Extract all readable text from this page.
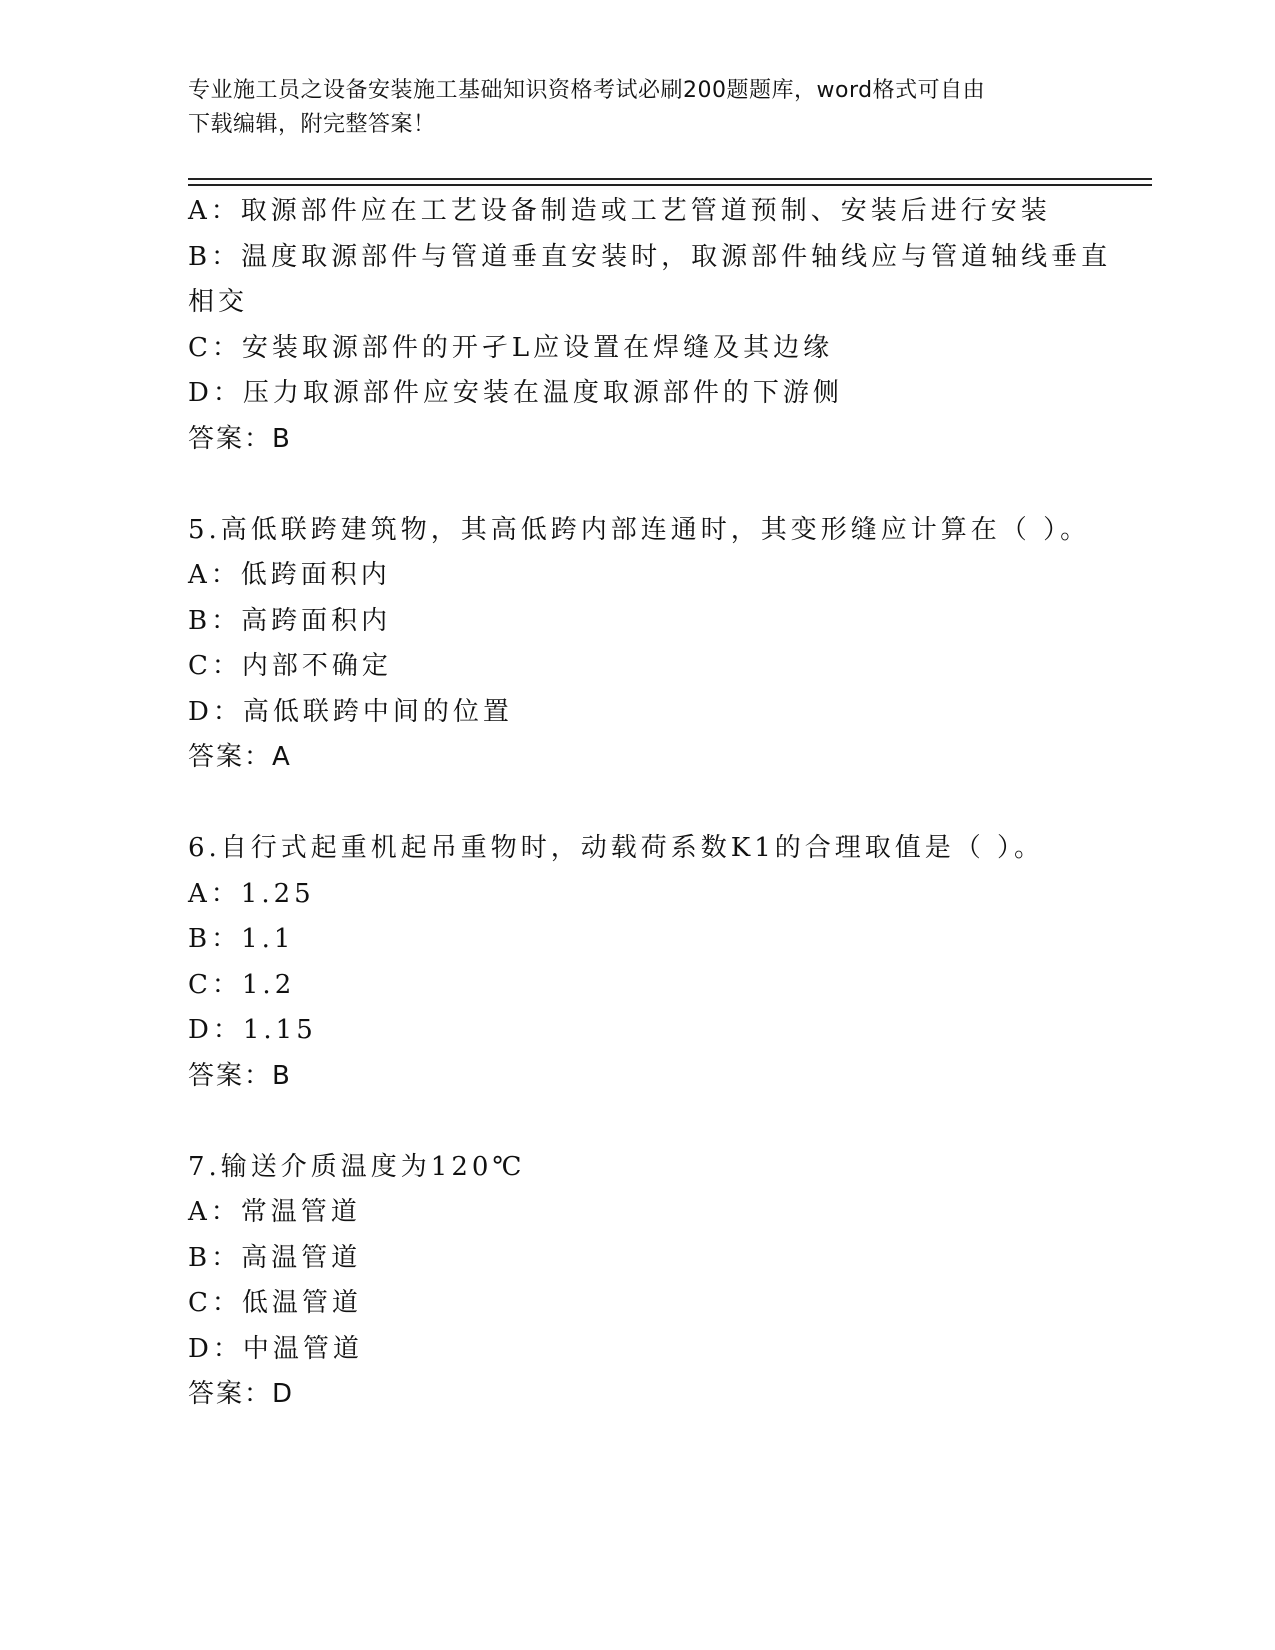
专业施工员之设备安装施工基础知识资格考试必刷200题题库，word格式可自由
下载编辑，附完整答案！
A：取源部件应在工艺设备制造或工艺管道预制、安装后进行安装
B：温度取源部件与管道垂直安装时，取源部件轴线应与管道轴线垂直
相交
C：安装取源部件的开孑L应设置在焊缝及其边缘
D：压力取源部件应安装在温度取源部件的下游侧
答案：B
5.高低联跨建筑物，其高低跨内部连通时，其变形缝应计算在（ ）。
A：低跨面积内
B：高跨面积内
C：内部不确定
D：高低联跨中间的位置
答案：A
6.自行式起重机起吊重物时，动载荷系数K1的合理取值是（ ）。
A：1.25
B：1.1
C：1.2
D：1.15
答案：B
7.输送介质温度为120℃
A：常温管道
B：高温管道
C：低温管道
D：中温管道
答案：D
